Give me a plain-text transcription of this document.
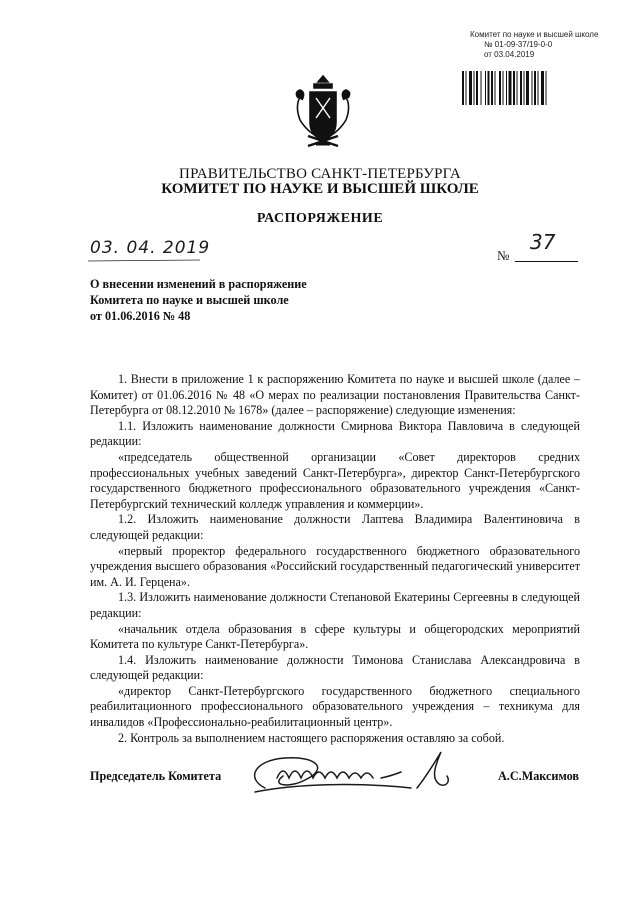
Комитет по науке и высшей школе
№ 01-09-37/19-0-0
от 03.04.2019
ПРАВИТЕЛЬСТВО САНКТ-ПЕТЕРБУРГА
КОМИТЕТ ПО НАУКЕ И ВЫСШЕЙ ШКОЛЕ
РАСПОРЯЖЕНИЕ
03. 04. 2019	№
37
О внесении изменений в распоряжение
Комитета по науке и высшей школе
от 01.06.2016 № 48

1. Внести в приложение 1 к распоряжению Комитета по науке и высшей школе (далее – Комитет) от 01.06.2016 № 48 «О мерах по реализации постановления Правительства Санкт-Петербурга от 08.12.2010 № 1678» (далее – распоряжение) следующие изменения:

1.1. Изложить наименование должности Смирнова Виктора Павловича в следующей редакции:

«председатель общественной организации «Совет директоров средних профессиональных учебных заведений Санкт-Петербурга», директор Санкт-Петербургского государственного бюджетного профессионального образовательного учреждения «Санкт-Петербургский технический колледж управления и коммерции».

1.2. Изложить наименование должности Лаптева Владимира Валентиновича в следующей редакции:

«первый проректор федерального государственного бюджетного образовательного учреждения высшего образования «Российский государственный педагогический университет им. А. И. Герцена».

1.3. Изложить наименование должности Степановой Екатерины Сергеевны в следующей редакции:

«начальник отдела образования в сфере культуры и общегородских мероприятий Комитета по культуре Санкт-Петербурга».

1.4. Изложить наименование должности Тимонова Станислава Александровича в следующей редакции:

«директор Санкт-Петербургского государственного бюджетного специального реабилитационного профессионального образовательного учреждения – техникума для инвалидов «Профессионально-реабилитационный центр».

2. Контроль за выполнением настоящего распоряжения оставляю за собой.

Председатель Комитета	А.С.Максимов
